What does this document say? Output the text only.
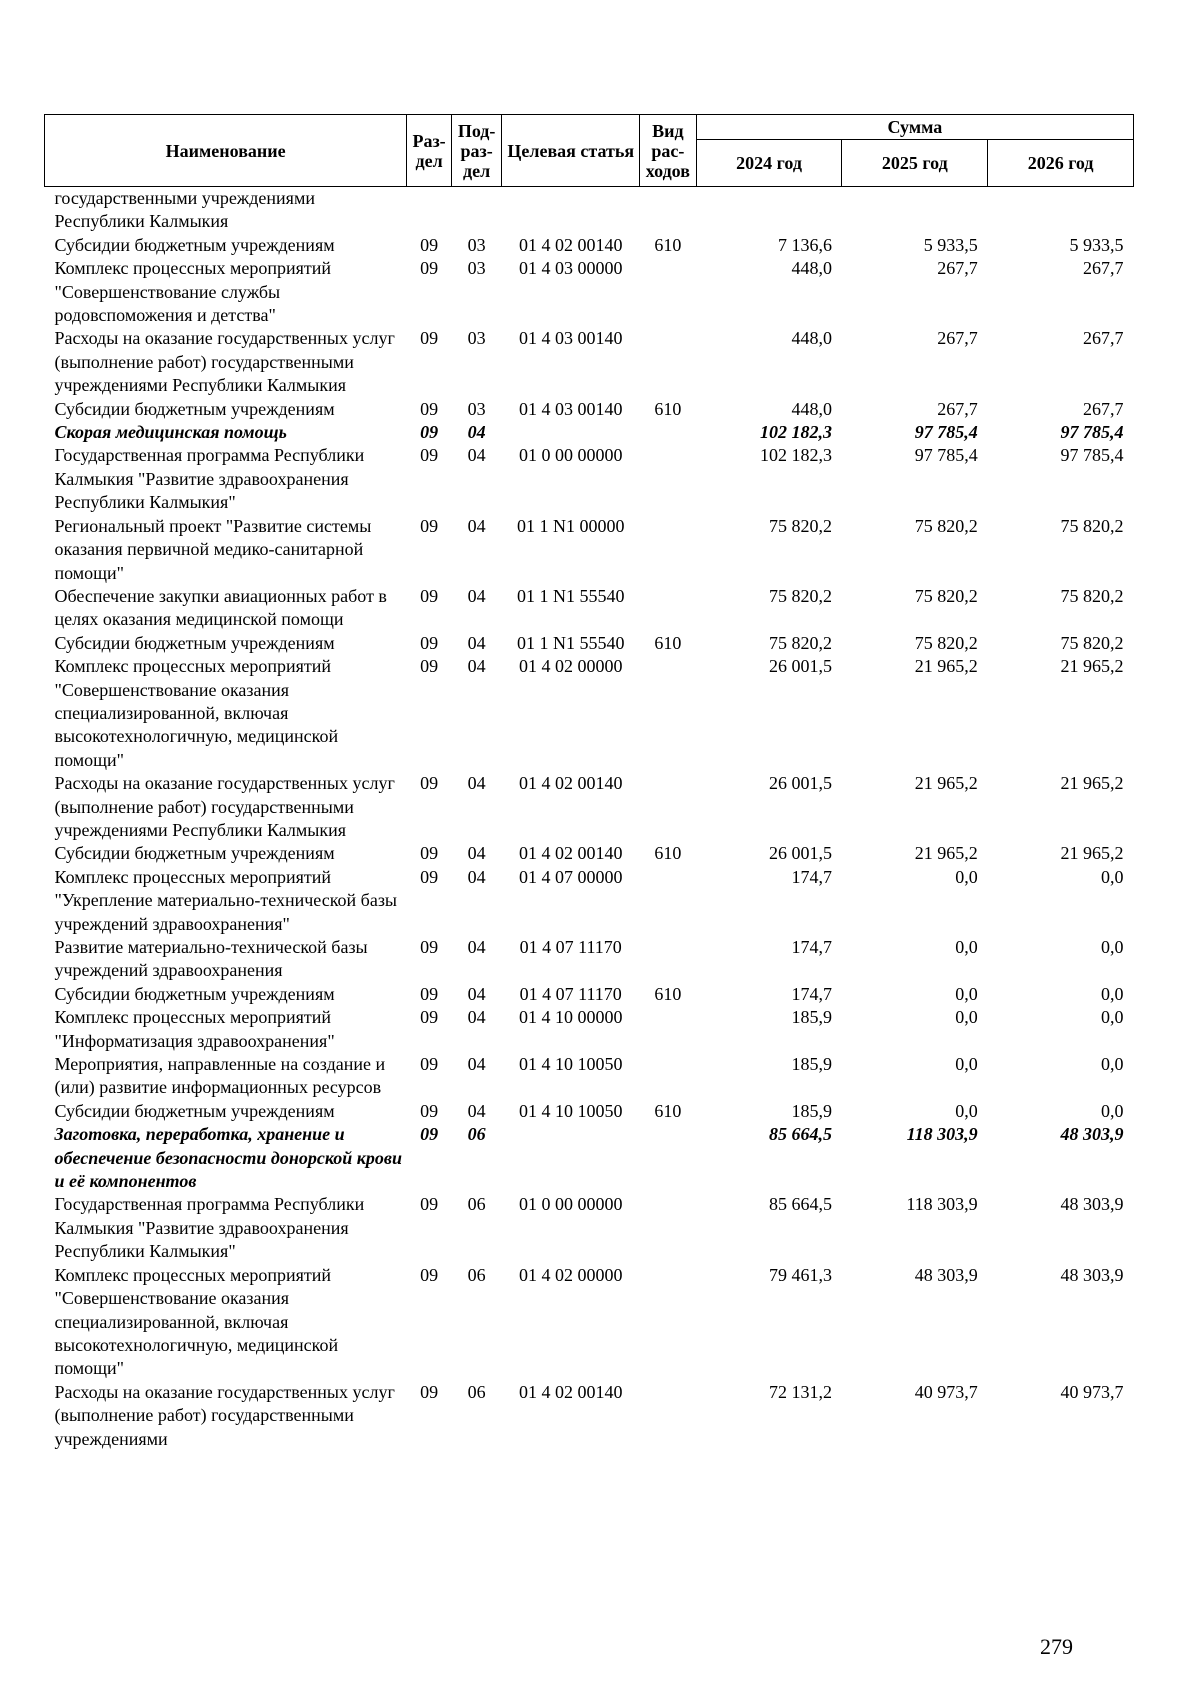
Наименование	Раз-дел	Под-раз-дел	Целевая статья	Вид рас-ходов	Сумма		
					2024 год	2025 год	2026 год
государственными учреждениями Республики Калмыкия							
Субсидии бюджетным учреждениям	09	03	01 4 02 00140	610	7 136,6	5 933,5	5 933,5
Комплекс процессных мероприятий "Совершенствование службы родовспоможения и детства"	09	03	01 4 03 00000		448,0	267,7	267,7
Расходы на оказание государственных услуг (выполнение работ) государственными учреждениями Республики Калмыкия	09	03	01 4 03 00140		448,0	267,7	267,7
Субсидии бюджетным учреждениям	09	03	01 4 03 00140	610	448,0	267,7	267,7
Скорая медицинская помощь	09	04			102 182,3	97 785,4	97 785,4
Государственная программа Республики Калмыкия "Развитие здравоохранения Республики Калмыкия"	09	04	01 0 00 00000		102 182,3	97 785,4	97 785,4
Региональный проект "Развитие системы оказания первичной медико-санитарной помощи"	09	04	01 1 N1 00000		75 820,2	75 820,2	75 820,2
Обеспечение закупки авиационных работ в целях оказания медицинской помощи	09	04	01 1 N1 55540		75 820,2	75 820,2	75 820,2
Субсидии бюджетным учреждениям	09	04	01 1 N1 55540	610	75 820,2	75 820,2	75 820,2
Комплекс процессных мероприятий "Совершенствование оказания специализированной, включая высокотехнологичную, медицинской помощи"	09	04	01 4 02 00000		26 001,5	21 965,2	21 965,2
Расходы на оказание государственных услуг (выполнение работ) государственными учреждениями Республики Калмыкия	09	04	01 4 02 00140		26 001,5	21 965,2	21 965,2
Субсидии бюджетным учреждениям	09	04	01 4 02 00140	610	26 001,5	21 965,2	21 965,2
Комплекс процессных мероприятий "Укрепление материально-технической базы учреждений здравоохранения"	09	04	01 4 07 00000		174,7	0,0	0,0
Развитие материально-технической базы учреждений здравоохранения	09	04	01 4 07 11170		174,7	0,0	0,0
Субсидии бюджетным учреждениям	09	04	01 4 07 11170	610	174,7	0,0	0,0
Комплекс процессных мероприятий "Информатизация здравоохранения"	09	04	01 4 10 00000		185,9	0,0	0,0
Мероприятия, направленные на создание и (или) развитие информационных ресурсов	09	04	01 4 10 10050		185,9	0,0	0,0
Субсидии бюджетным учреждениям	09	04	01 4 10 10050	610	185,9	0,0	0,0
Заготовка, переработка, хранение и обеспечение безопасности донорской крови и её компонентов	09	06			85 664,5	118 303,9	48 303,9
Государственная программа Республики Калмыкия "Развитие здравоохранения Республики Калмыкия"	09	06	01 0 00 00000		85 664,5	118 303,9	48 303,9
Комплекс процессных мероприятий "Совершенствование оказания специализированной, включая высокотехнологичную, медицинской помощи"	09	06	01 4 02 00000		79 461,3	48 303,9	48 303,9
Расходы на оказание государственных услуг (выполнение работ) государственными учреждениями	09	06	01 4 02 00140		72 131,2	40 973,7	40 973,7
279
